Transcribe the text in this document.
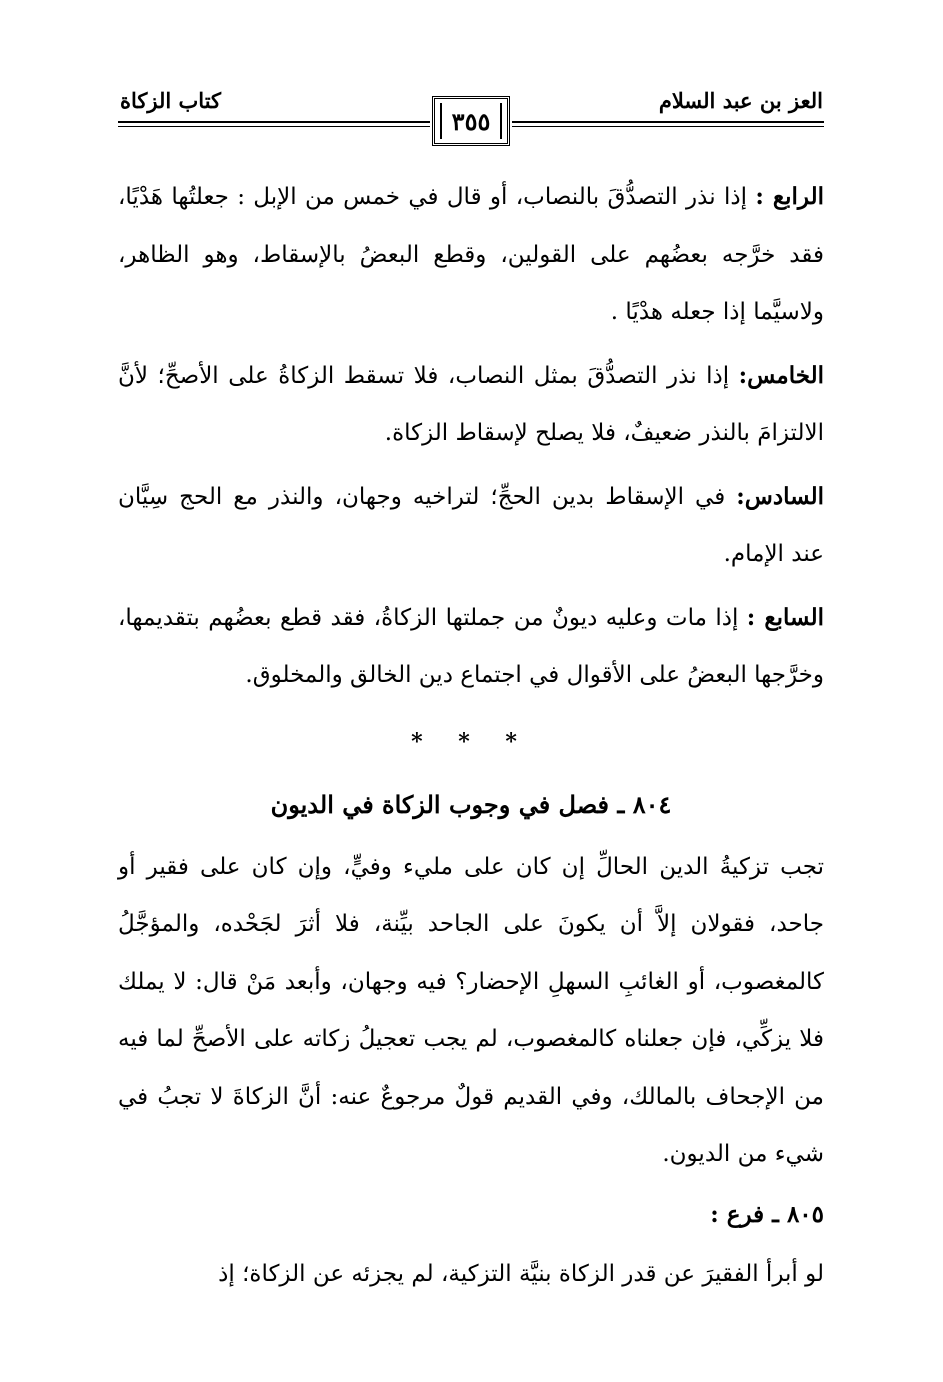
العز بن عبد السلام
كتاب الزكاة
٣٥٥

الرابع : إذا نذر التصدُّقَ بالنصاب، أو قال في خمس من الإبل : جعلتُها هَدْيًا، فقد خرَّجه بعضُهم على القولين، وقطع البعضُ بالإسقاط، وهو الظاهر، ولاسيَّما إذا جعله هدْيًا .

الخامس: إذا نذر التصدُّقَ بمثل النصاب، فلا تسقط الزكاةُ على الأصحِّ؛ لأنَّ الالتزامَ بالنذر ضعيفٌ، فلا يصلح لإسقاط الزكاة.

السادس: في الإسقاط بدين الحجِّ؛ لتراخيه وجهان، والنذر مع الحج سِيَّان عند الإمام.

السابع : إذا مات وعليه ديونٌ من جملتها الزكاةُ، فقد قطع بعضُهم بتقديمها، وخرَّجها البعضُ على الأقوال في اجتماع دين الخالق والمخلوق.

* * *

٨٠٤ ـ فصل في وجوب الزكاة في الديون

تجب تزكيةُ الدين الحالِّ إن كان على مليء وفيٍّ، وإن كان على فقير أو جاحد، فقولان إلاَّ أن يكونَ على الجاحد بيِّنة، فلا أثرَ لجَحْده، والمؤجَّلُ كالمغصوب، أو الغائبِ السهلِ الإحضار؟ فيه وجهان، وأبعد مَنْ قال: لا يملك فلا يزكِّي، فإن جعلناه كالمغصوب، لم يجب تعجيلُ زكاته على الأصحِّ لما فيه من الإجحاف بالمالك، وفي القديم قولٌ مرجوعٌ عنه: أنَّ الزكاةَ لا تجبُ في شيء من الديون.

٨٠٥ ـ فرع :

لو أبرأ الفقيرَ عن قدر الزكاة بنيَّة التزكية، لم يجزئه عن الزكاة؛ إذ
